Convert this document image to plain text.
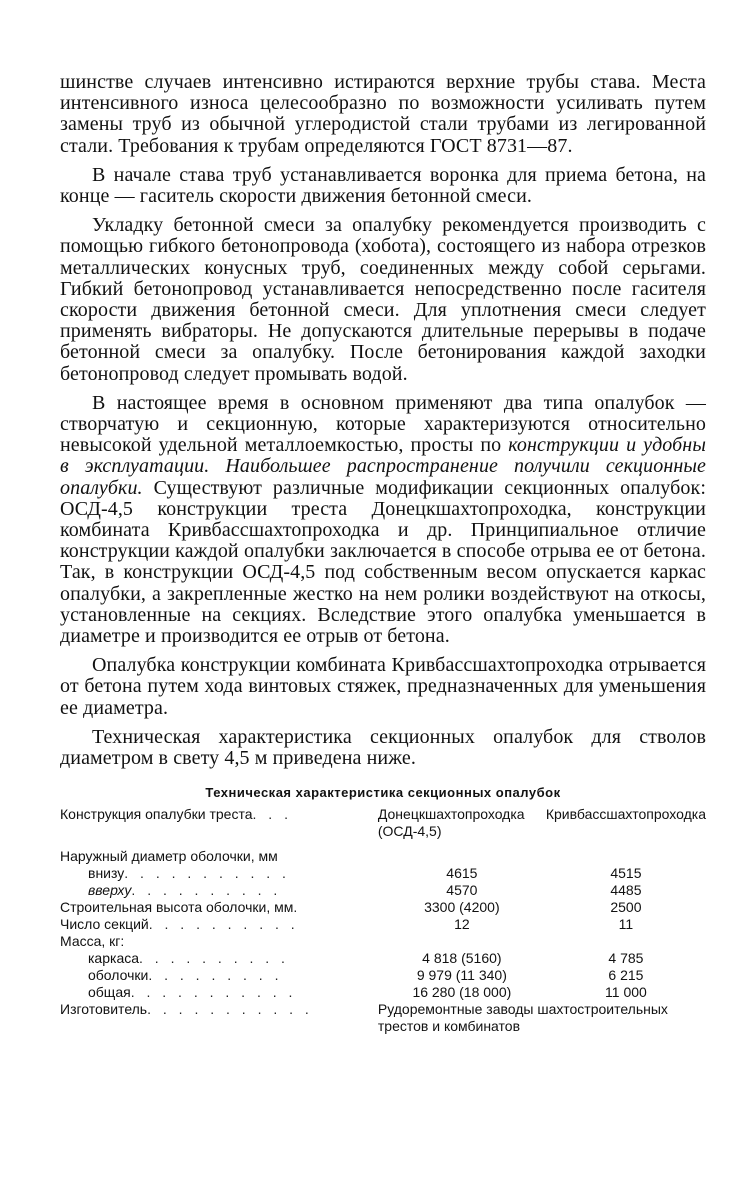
шинстве случаев интенсивно истираются верхние трубы става. Места интенсивного износа целесообразно по возможности усиливать путем замены труб из обычной углеродистой стали трубами из легированной стали. Требования к трубам определяются ГОСТ 8731—87.

В начале става труб устанавливается воронка для приема бетона, на конце — гаситель скорости движения бетонной смеси.

Укладку бетонной смеси за опалубку рекомендуется производить с помощью гибкого бетонопровода (хобота), состоящего из набора отрезков металлических конусных труб, соединенных между собой серьгами. Гибкий бетонопровод устанавливается непосредственно после гасителя скорости движения бетонной смеси. Для уплотнения смеси следует применять вибраторы. Не допускаются длительные перерывы в подаче бетонной смеси за опалубку. После бетонирования каждой заходки бетонопровод следует промывать водой.

В настоящее время в основном применяют два типа опалубок — створчатую и секционную, которые характеризуются относительно невысокой удельной металлоемкостью, просты по конструкции и удобны в эксплуатации. Наибольшее распространение получили секционные опалубки. Существуют различные модификации секционных опалубок: ОСД-4,5 конструкции треста Донецкшахтопроходка, конструкции комбината Кривбассшахтопроходка и др. Принципиальное отличие конструкции каждой опалубки заключается в способе отрыва ее от бетона. Так, в конструкции ОСД-4,5 под собственным весом опускается каркас опалубки, а закрепленные жестко на нем ролики воздействуют на откосы, установленные на секциях. Вследствие этого опалубка уменьшается в диаметре и производится ее отрыв от бетона.

Опалубка конструкции комбината Кривбассшахтопроходка отрывается от бетона путем хода винтовых стяжек, предназначенных для уменьшения ее диаметра.

Техническая характеристика секционных опалубок для стволов диаметром в свету 4,5 м приведена ниже.

Техническая характеристика секционных опалубок
Конструкция опалубки треста. . .	Донецкшахтопроходка (ОСД-4,5)	Кривбассшахтопроходка
Наружный диаметр оболочки, мм		
внизу. . . . . . . . . . .	4615	4515
вверху. . . . . . . . . .	4570	4485
Строительная высота оболочки, мм.	3300 (4200)	2500
Число секций. . . . . . . . . .	12	11
Масса, кг:		
каркаса. . . . . . . . . .	4 818 (5160)	4 785
оболочки. . . . . . . . .	9 979 (11 340)	6 215
общая. . . . . . . . . . .	16 280 (18 000)	11 000
Изготовитель. . . . . . . . . . .	Рудоремонтные заводы шахтостроительных трестов и комбинатов	
